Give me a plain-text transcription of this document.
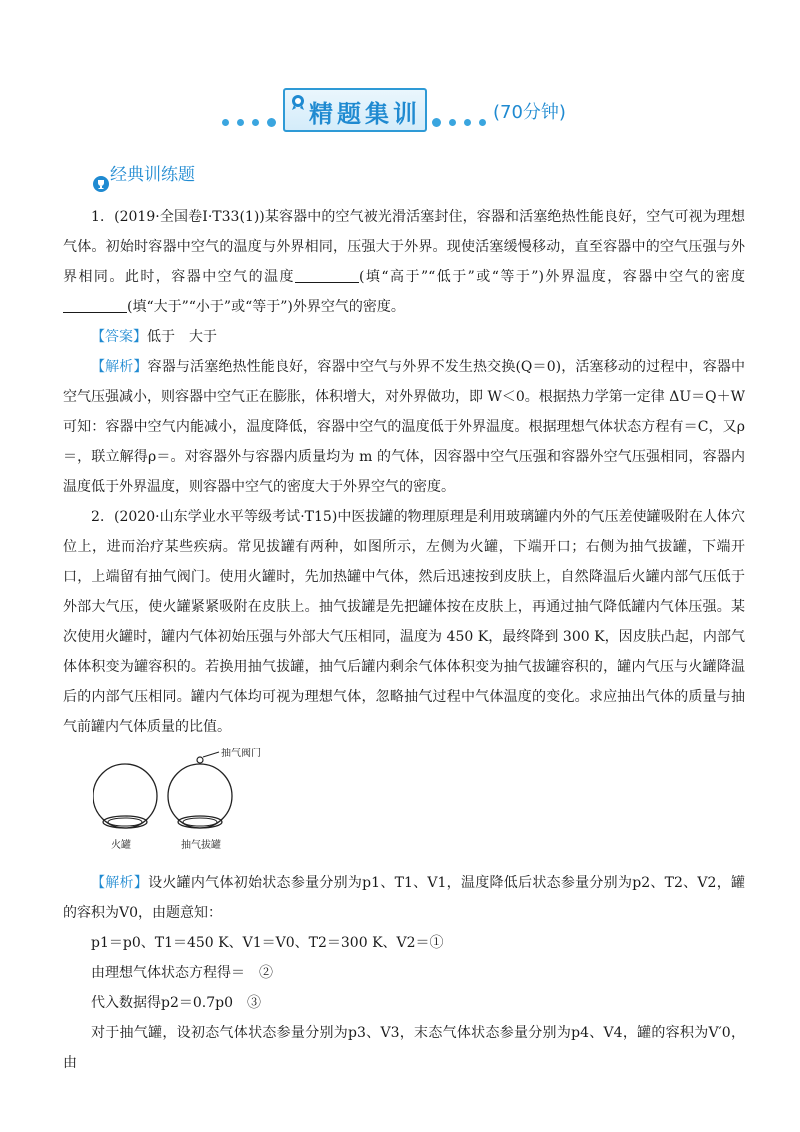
精题集训	(70分钟)
经典训练题

1．(2019·全国卷Ⅰ·T33(1))某容器中的空气被光滑活塞封住，容器和活塞绝热性能良好，空气可视为理想气体。初始时容器中空气的温度与外界相同，压强大于外界。现使活塞缓慢移动，直至容器中的空气压强与外界相同。此时，容器中空气的温度	(填“高于”“低于”或“等于”)外界温度，容器中空气的密度(填“大于”“小于”或“等于”)外界空气的密度。

【答案】低于　大于

【解析】容器与活塞绝热性能良好，容器中空气与外界不发生热交换(Q＝0)，活塞移动的过程中，容器中空气压强减小，则容器中空气正在膨胀，体积增大，对外界做功，即 W＜0。根据热力学第一定律 ΔU＝Q＋W可知：容器中空气内能减小，温度降低，容器中空气的温度低于外界温度。根据理想气体状态方程有＝C，又ρ＝，联立解得ρ＝。对容器外与容器内质量均为 m 的气体，因容器中空气压强和容器外空气压强相同，容器内温度低于外界温度，则容器中空气的密度大于外界空气的密度。

2．(2020·山东学业水平等级考试·T15)中医拔罐的物理原理是利用玻璃罐内外的气压差使罐吸附在人体穴位上，进而治疗某些疾病。常见拔罐有两种，如图所示，左侧为火罐，下端开口；右侧为抽气拔罐，下端开口，上端留有抽气阀门。使用火罐时，先加热罐中气体，然后迅速按到皮肤上，自然降温后火罐内部气压低于外部大气压，使火罐紧紧吸附在皮肤上。抽气拔罐是先把罐体按在皮肤上，再通过抽气降低罐内气体压强。某次使用火罐时，罐内气体初始压强与外部大气压相同，温度为 450 K，最终降到 300 K，因皮肤凸起，内部气体体积变为罐容积的。若换用抽气拔罐，抽气后罐内剩余气体体积变为抽气拔罐容积的，罐内气压与火罐降温后的内部气压相同。罐内气体均可视为理想气体，忽略抽气过程中气体温度的变化。求应抽出气体的质量与抽气前罐内气体质量的比值。

抽气阀门
火罐	抽气拔罐

【解析】设火罐内气体初始状态参量分别为p1、T1、V1，温度降低后状态参量分别为p2、T2、V2，罐的容积为V0，由题意知：

p1＝p0、T1＝450 K、V1＝V0、T2＝300 K、V2＝①

由理想气体状态方程得＝　②

代入数据得p2＝0.7p0　③

对于抽气罐，设初态气体状态参量分别为p3、V3，末态气体状态参量分别为p4、V4，罐的容积为V′0，由
